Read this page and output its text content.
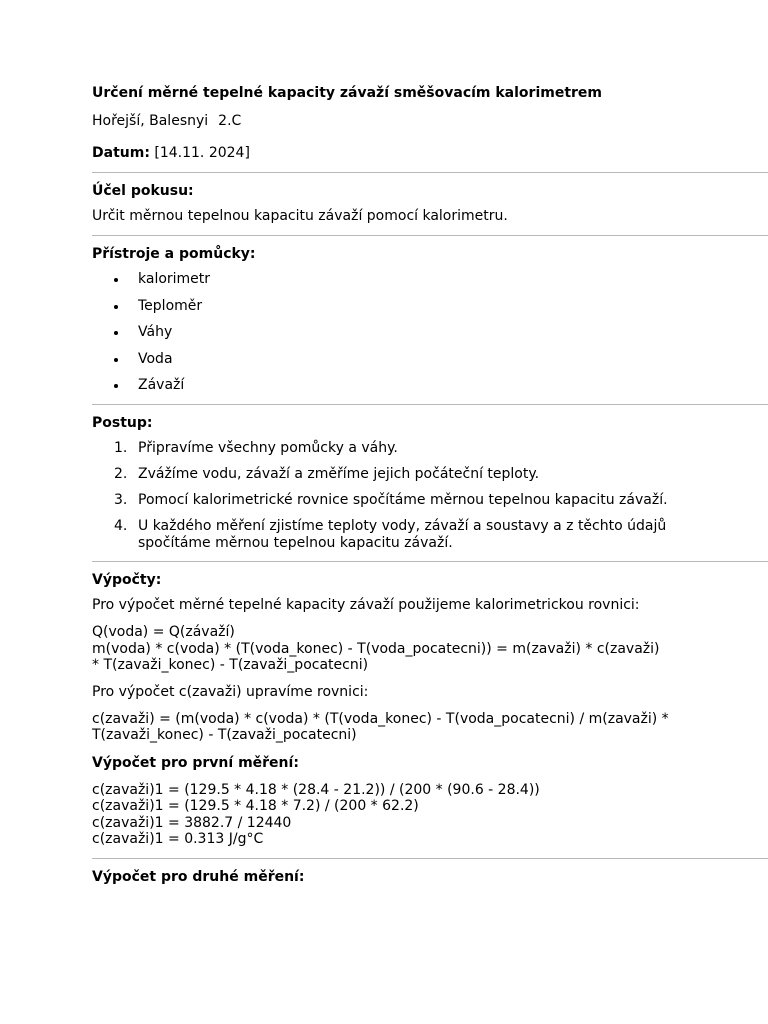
Určení měrné tepelné kapacity závaží směšovacím kalorimetrem
Hořejší, Balesnyi 2.C
Datum: [14.11. 2024]
Účel pokusu:
Určit měrnou tepelnou kapacitu závaží pomocí kalorimetru.
Přístroje a pomůcky:
kalorimetr
Teploměr
Váhy
Voda
Závaží
Postup:
1. Připravíme všechny pomůcky a váhy.
2. Zvážíme vodu, závaží a změříme jejich počáteční teploty.
3. Pomocí kalorimetrické rovnice spočítáme měrnou tepelnou kapacitu závaží.
4. U každého měření zjistíme teploty vody, závaží a soustavy a z těchto údajů spočítáme měrnou tepelnou kapacitu závaží.
Výpočty:
Pro výpočet měrné tepelné kapacity závaží použijeme kalorimetrickou rovnici:
Q(voda) = Q(závaží)
m(voda) * c(voda) * (T(voda_konec) - T(voda_pocatecni)) = m(zavaži) * c(zavaži)
* T(zavaži_konec) - T(zavaži_pocatecni)
Pro výpočet c(zavaži) upravíme rovnici:
c(zavaži) = (m(voda) * c(voda) * (T(voda_konec) - T(voda_pocatecni) / m(zavaži) *
T(zavaži_konec) - T(zavaži_pocatecni)
Výpočet pro první měření:
c(zavaži)1 = (129.5 * 4.18 * (28.4 - 21.2)) / (200 * (90.6 - 28.4))
c(zavaži)1 = (129.5 * 4.18 * 7.2) / (200 * 62.2)
c(zavaži)1 = 3882.7 / 12440
c(zavaži)1 = 0.313 J/g°C
Výpočet pro druhé měření:
